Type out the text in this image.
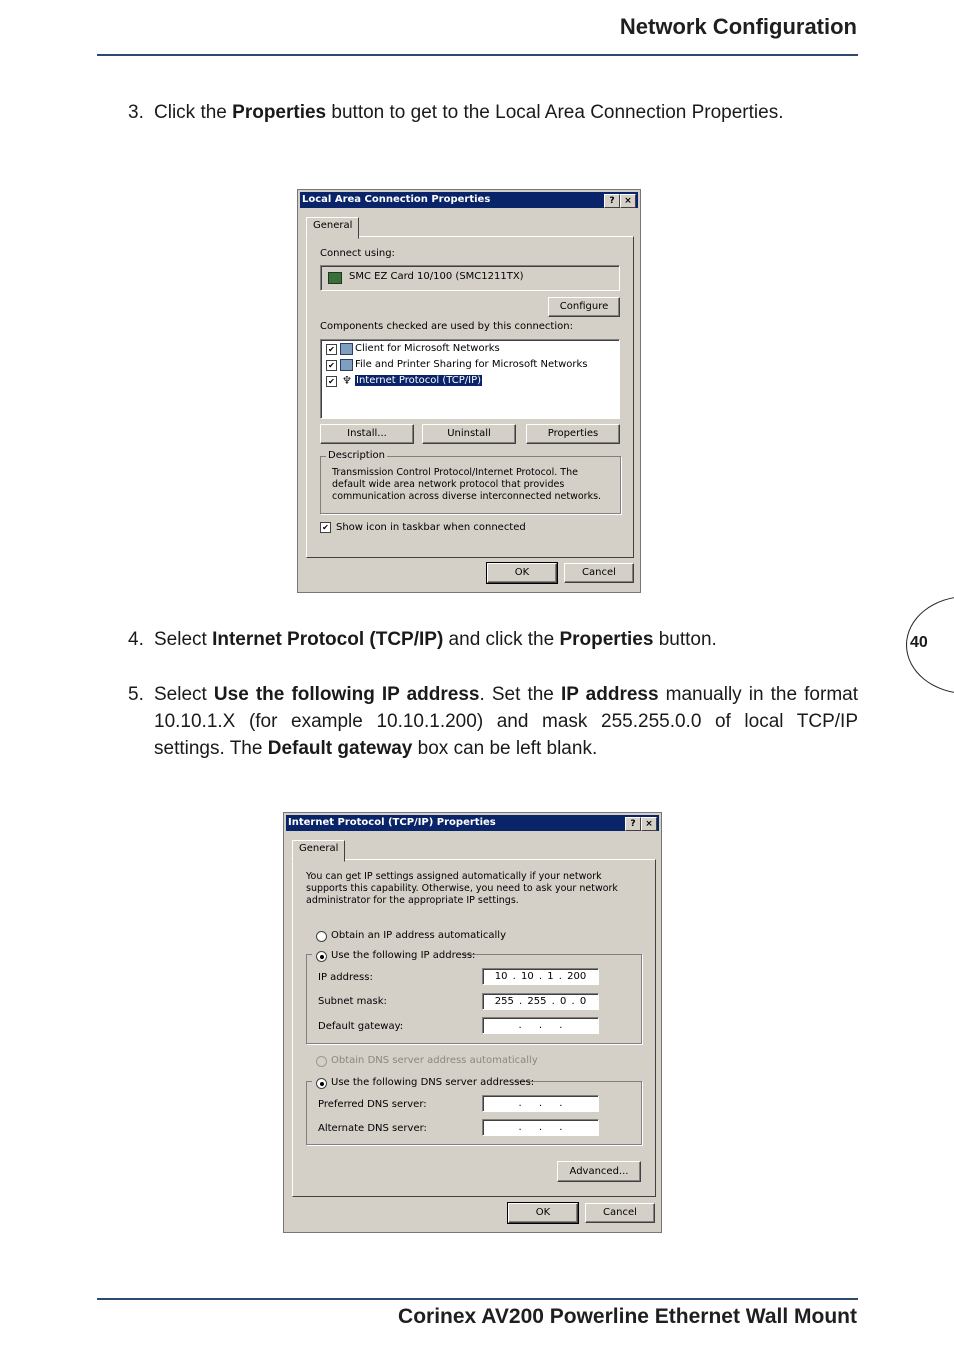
Network Configuration
40
Corinex AV200 Powerline Ethernet Wall Mount
3. Click the Properties button to get to the Local Area Connection Properties.
Local Area Connection Properties	?	×
General
Connect using:
SMC EZ Card 10/100 (SMC1211TX)
Configure
Components checked are used by this connection:
✔ Client for Microsoft Networks
✔ File and Printer Sharing for Microsoft Networks
✔ ♆ Internet Protocol (TCP/IP)
Install...	Uninstall	Properties
Description
Transmission Control Protocol/Internet Protocol. The default wide area network protocol that provides communication across diverse interconnected networks.
✔ Show icon in taskbar when connected
OK	Cancel
4. Select Internet Protocol (TCP/IP) and click the Properties button.
5. Select Use the following IP address. Set the IP address manually in the format 10.10.1.X (for example 10.10.1.200) and mask 255.255.0.0 of local TCP/IP settings. The Default gateway box can be left blank.
Internet Protocol (TCP/IP) Properties	?	×
General
You can get IP settings assigned automatically if your network supports this capability. Otherwise, you need to ask your network administrator for the appropriate IP settings.
Obtain an IP address automatically
Use the following IP address:
IP address:	10 . 10 . 1 . 200
Subnet mask:	255 . 255 . 0 . 0
Default gateway:	. . .
Obtain DNS server address automatically
Use the following DNS server addresses:
Preferred DNS server:	. . .
Alternate DNS server:	. . .
Advanced...
OK	Cancel
